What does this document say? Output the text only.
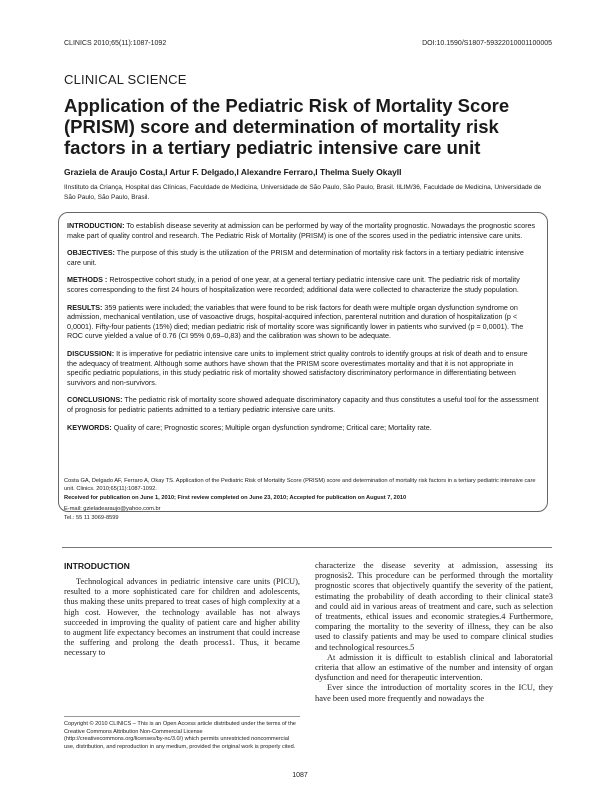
CLINICS 2010;65(11):1087-1092	DOI:10.1590/S1807-59322010001100005
CLINICAL SCIENCE
Application of the Pediatric Risk of Mortality Score (PRISM) score and determination of mortality risk factors in a tertiary pediatric intensive care unit
Graziela de Araujo Costa,I Artur F. Delgado,I Alexandre Ferraro,I Thelma Suely OkayII
IInstituto da Criança, Hospital das Clínicas, Faculdade de Medicina, Universidade de São Paulo, São Paulo, Brasil. IILIM/36, Faculdade de Medicina, Universidade de São Paulo, São Paulo, Brasil.

INTRODUCTION: To establish disease severity at admission can be performed by way of the mortality prognostic. Nowadays the prognostic scores make part of quality control and research. The Pediatric Risk of Mortality (PRISM) is one of the scores used in the pediatric intensive care units.

OBJECTIVES: The purpose of this study is the utilization of the PRISM and determination of mortality risk factors in a tertiary pediatric intensive care unit.

METHODS : Retrospective cohort study, in a period of one year, at a general tertiary pediatric intensive care unit. The pediatric risk of mortality scores corresponding to the first 24 hours of hospitalization were recorded; additional data were collected to characterize the study population.

RESULTS: 359 patients were included; the variables that were found to be risk factors for death were multiple organ dysfunction syndrome on admission, mechanical ventilation, use of vasoactive drugs, hospital-acquired infection, parenteral nutrition and duration of hospitalization (p < 0,0001). Fifty-four patients (15%) died; median pediatric risk of mortality score was significantly lower in patients who survived (p = 0,0001). The ROC curve yielded a value of 0.76 (CI 95% 0,69–0,83) and the calibration was shown to be adequate.

DISCUSSION: It is imperative for pediatric intensive care units to implement strict quality controls to identify groups at risk of death and to ensure the adequacy of treatment. Although some authors have shown that the PRISM score overestimates mortality and that it is not appropriate in specific pediatric populations, in this study pediatric risk of mortality showed satisfactory discriminatory performance in differentiating between survivors and non-survivors.

CONCLUSIONS: The pediatric risk of mortality score showed adequate discriminatory capacity and thus constitutes a useful tool for the assessment of prognosis for pediatric patients admitted to a tertiary pediatric intensive care units.

KEYWORDS: Quality of care; Prognostic scores; Multiple organ dysfunction syndrome; Critical care; Mortality rate.

Costa GA, Delgado AF, Ferraro A, Okay TS. Application of the Pediatric Risk of Mortality Score (PRISM) score and determination of mortality risk factors in a tertiary pediatric intensive care unit. Clinics. 2010;65(11):1087-1092.

Received for publication on June 1, 2010; First review completed on June 23, 2010; Accepted for publication on August 7, 2010

E-mail: gzieladearaujo@yahoo.com.br

Tel.: 55 11 3069-8599

INTRODUCTION

Technological advances in pediatric intensive care units (PICU), resulted to a more sophisticated care for children and adolescents, thus making these units prepared to treat cases of high complexity at a high cost. However, the technology available has not always succeeded in improving the quality of patient care and higher ability to augment life expectancy becomes an instrument that could increase the suffering and prolong the death process1. Thus, it became necessary to

characterize the disease severity at admission, assessing its prognosis2. This procedure can be performed through the mortality prognostic scores that objectively quantify the severity of the patient, estimating the probability of death according to their clinical state3 and could aid in various areas of treatment and care, such as selection of treatments, ethical issues and economic strategies.4 Furthermore, comparing the mortality to the severity of illness, they can be also used to classify patients and may be used to compare clinical studies and technological resources.5

At admission it is difficult to establish clinical and laboratorial criteria that allow an estimative of the number and intensity of organ dysfunction and need for therapeutic intervention.

Ever since the introduction of mortality scores in the ICU, they have been used more frequently and nowadays the

Copyright © 2010 CLINICS – This is an Open Access article distributed under the terms of the Creative Commons Attribution Non-Commercial License (http://creativecommons.org/licenses/by-nc/3.0/) which permits unrestricted noncommercial use, distribution, and reproduction in any medium, provided the original work is properly cited.
1087
